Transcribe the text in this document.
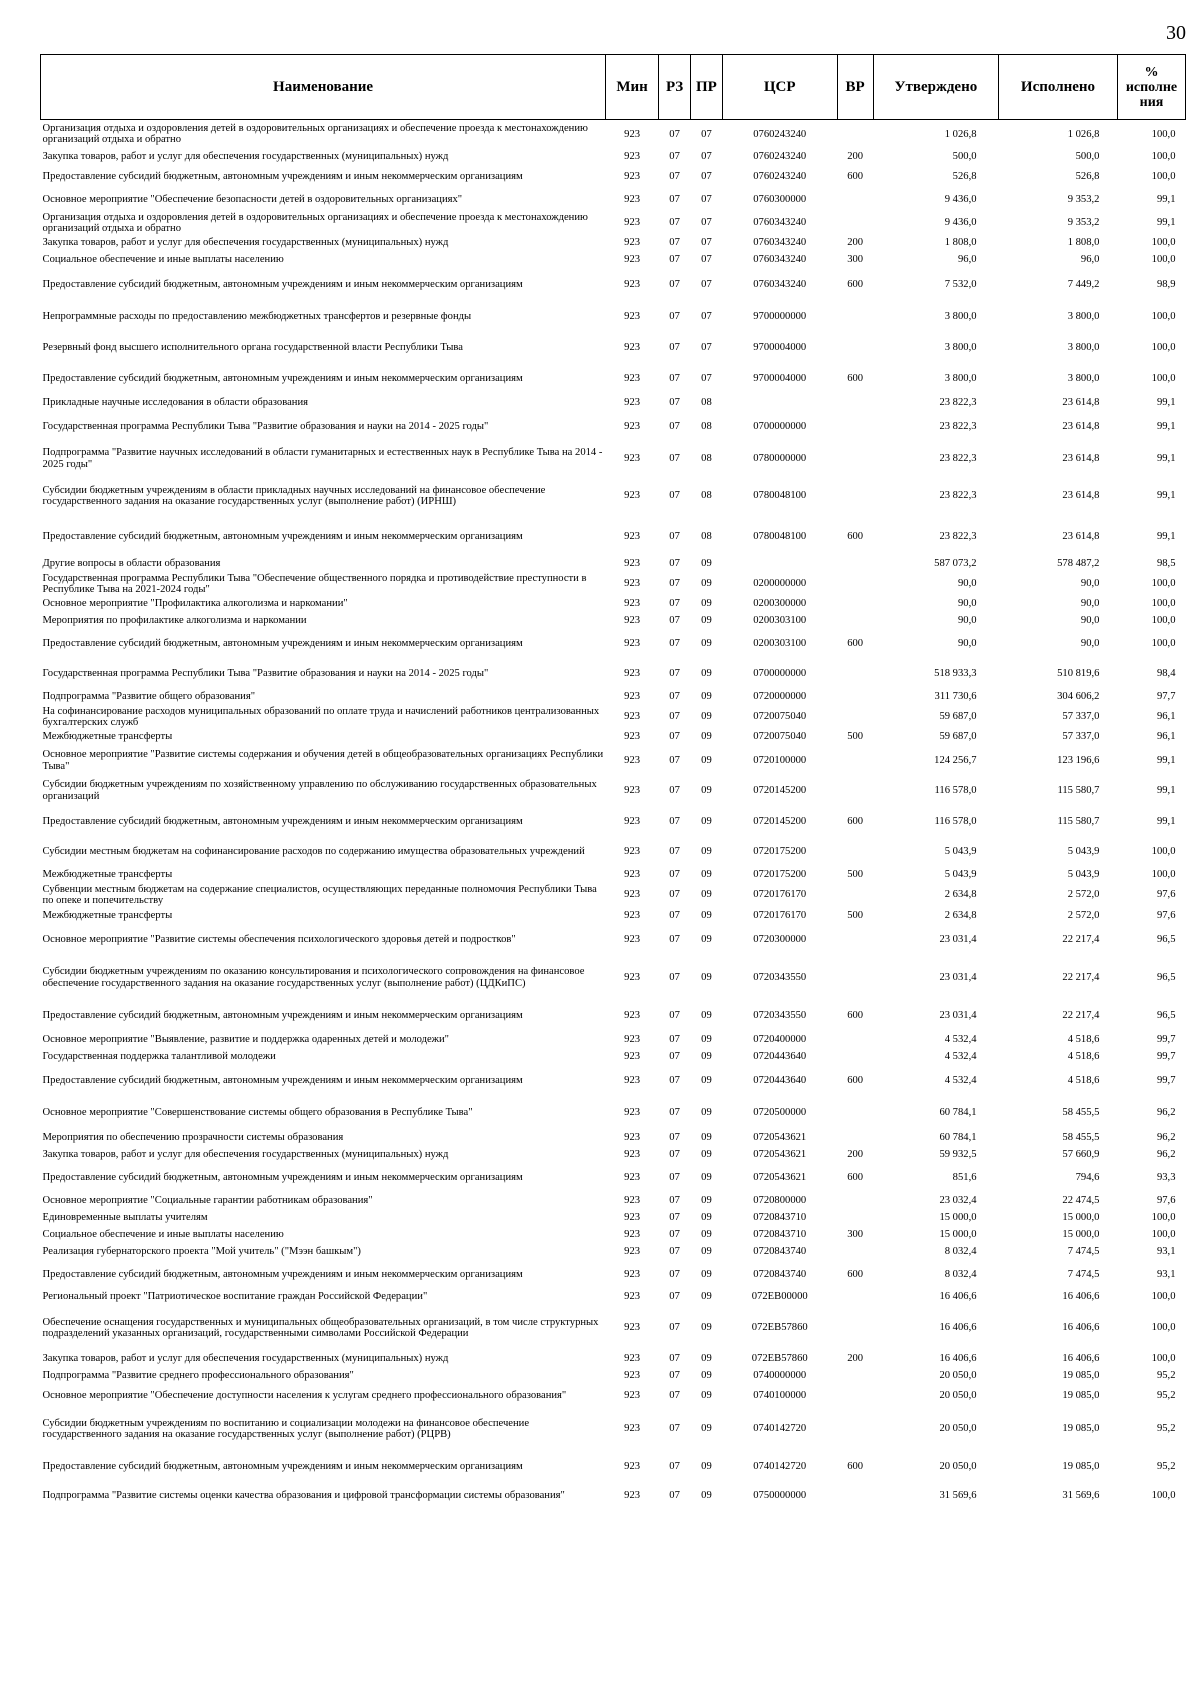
30
Наименование	Мин	РЗ	ПР	ЦСР	ВР	Утверждено	Исполнено	% исполне ния
Организация отдыха и оздоровления детей в оздоровительных организациях и обеспечение проезда к местонахождению организаций отдыха и обратно	923	07	07	0760243240		1 026,8	1 026,8	100,0
Закупка товаров, работ и услуг для обеспечения государственных (муниципальных) нужд	923	07	07	0760243240	200	500,0	500,0	100,0
Предоставление субсидий бюджетным, автономным учреждениям и иным некоммерческим организациям	923	07	07	0760243240	600	526,8	526,8	100,0
Основное мероприятие "Обеспечение безопасности детей в оздоровительных организациях"	923	07	07	0760300000		9 436,0	9 353,2	99,1
Организация отдыха и оздоровления детей в оздоровительных организациях и обеспечение проезда к местонахождению организаций отдыха и обратно	923	07	07	0760343240		9 436,0	9 353,2	99,1
Закупка товаров, работ и услуг для обеспечения государственных (муниципальных) нужд	923	07	07	0760343240	200	1 808,0	1 808,0	100,0
Социальное обеспечение и иные выплаты населению	923	07	07	0760343240	300	96,0	96,0	100,0
Предоставление субсидий бюджетным, автономным учреждениям и иным некоммерческим организациям	923	07	07	0760343240	600	7 532,0	7 449,2	98,9
Непрограммные расходы по предоставлению межбюджетных трансфертов и резервные фонды	923	07	07	9700000000		3 800,0	3 800,0	100,0
Резервный фонд высшего исполнительного органа государственной власти Республики Тыва	923	07	07	9700004000		3 800,0	3 800,0	100,0
Предоставление субсидий бюджетным, автономным учреждениям и иным некоммерческим организациям	923	07	07	9700004000	600	3 800,0	3 800,0	100,0
Прикладные научные исследования в области образования	923	07	08			23 822,3	23 614,8	99,1
Государственная программа Республики Тыва "Развитие образования и науки на 2014 - 2025 годы"	923	07	08	0700000000		23 822,3	23 614,8	99,1
Подпрограмма "Развитие научных исследований в области гуманитарных и естественных наук в Республике Тыва на 2014 - 2025 годы"	923	07	08	0780000000		23 822,3	23 614,8	99,1
Субсидии бюджетным учреждениям в области прикладных научных исследований на финансовое обеспечение государственного задания на оказание государственных услуг (выполнение работ) (ИРНШ)	923	07	08	0780048100		23 822,3	23 614,8	99,1
Предоставление субсидий бюджетным, автономным учреждениям и иным некоммерческим организациям	923	07	08	0780048100	600	23 822,3	23 614,8	99,1
Другие вопросы в области образования	923	07	09			587 073,2	578 487,2	98,5
Государственная программа Республики Тыва "Обеспечение общественного порядка и противодействие преступности в Республике Тыва на 2021-2024 годы"	923	07	09	0200000000		90,0	90,0	100,0
Основное мероприятие "Профилактика алкоголизма и наркомании"	923	07	09	0200300000		90,0	90,0	100,0
Мероприятия по профилактике алкоголизма и наркомании	923	07	09	0200303100		90,0	90,0	100,0
Предоставление субсидий бюджетным, автономным учреждениям и иным некоммерческим организациям	923	07	09	0200303100	600	90,0	90,0	100,0
Государственная программа Республики Тыва "Развитие образования и науки на 2014 - 2025 годы"	923	07	09	0700000000		518 933,3	510 819,6	98,4
Подпрограмма "Развитие общего образования"	923	07	09	0720000000		311 730,6	304 606,2	97,7
На софинансирование расходов муниципальных образований по оплате труда и начислений работников централизованных бухгалтерских служб	923	07	09	0720075040		59 687,0	57 337,0	96,1
Межбюджетные трансферты	923	07	09	0720075040	500	59 687,0	57 337,0	96,1
Основное мероприятие "Развитие системы содержания и обучения детей в общеобразовательных организациях Республики Тыва"	923	07	09	0720100000		124 256,7	123 196,6	99,1
Субсидии бюджетным учреждениям по хозяйственному управлению по обслуживанию государственных образовательных организаций	923	07	09	0720145200		116 578,0	115 580,7	99,1
Предоставление субсидий бюджетным, автономным учреждениям и иным некоммерческим организациям	923	07	09	0720145200	600	116 578,0	115 580,7	99,1
Субсидии местным бюджетам на софинансирование расходов по содержанию имущества образовательных учреждений	923	07	09	0720175200		5 043,9	5 043,9	100,0
Межбюджетные трансферты	923	07	09	0720175200	500	5 043,9	5 043,9	100,0
Субвенции местным бюджетам на содержание специалистов, осуществляющих переданные полномочия Республики Тыва по опеке и попечительству	923	07	09	0720176170		2 634,8	2 572,0	97,6
Межбюджетные трансферты	923	07	09	0720176170	500	2 634,8	2 572,0	97,6
Основное мероприятие "Развитие системы обеспечения психологического здоровья детей и подростков"	923	07	09	0720300000		23 031,4	22 217,4	96,5
Субсидии бюджетным учреждениям по оказанию консультирования и психологического сопровождения на финансовое обеспечение государственного задания на оказание государственных услуг (выполнение работ) (ЦДКиПС)	923	07	09	0720343550		23 031,4	22 217,4	96,5
Предоставление субсидий бюджетным, автономным учреждениям и иным некоммерческим организациям	923	07	09	0720343550	600	23 031,4	22 217,4	96,5
Основное мероприятие "Выявление, развитие и поддержка одаренных детей и молодежи"	923	07	09	0720400000		4 532,4	4 518,6	99,7
Государственная поддержка талантливой молодежи	923	07	09	0720443640		4 532,4	4 518,6	99,7
Предоставление субсидий бюджетным, автономным учреждениям и иным некоммерческим организациям	923	07	09	0720443640	600	4 532,4	4 518,6	99,7
Основное мероприятие "Совершенствование системы общего образования в Республике Тыва"	923	07	09	0720500000		60 784,1	58 455,5	96,2
Мероприятия по обеспечению прозрачности системы образования	923	07	09	0720543621		60 784,1	58 455,5	96,2
Закупка товаров, работ и услуг для обеспечения государственных (муниципальных) нужд	923	07	09	0720543621	200	59 932,5	57 660,9	96,2
Предоставление субсидий бюджетным, автономным учреждениям и иным некоммерческим организациям	923	07	09	0720543621	600	851,6	794,6	93,3
Основное мероприятие "Социальные гарантии работникам образования"	923	07	09	0720800000		23 032,4	22 474,5	97,6
Единовременные выплаты учителям	923	07	09	0720843710		15 000,0	15 000,0	100,0
Социальное обеспечение и иные выплаты населению	923	07	09	0720843710	300	15 000,0	15 000,0	100,0
Реализация губернаторского проекта "Мой учитель" ("Мээн башкым")	923	07	09	0720843740		8 032,4	7 474,5	93,1
Предоставление субсидий бюджетным, автономным учреждениям и иным некоммерческим организациям	923	07	09	0720843740	600	8 032,4	7 474,5	93,1
Региональный проект "Патриотическое воспитание граждан Российской Федерации"	923	07	09	072EB00000		16 406,6	16 406,6	100,0
Обеспечение оснащения государственных и муниципальных общеобразовательных организаций, в том числе структурных подразделений указанных организаций, государственными символами Российской Федерации	923	07	09	072EB57860		16 406,6	16 406,6	100,0
Закупка товаров, работ и услуг для обеспечения государственных (муниципальных) нужд	923	07	09	072EB57860	200	16 406,6	16 406,6	100,0
Подпрограмма "Развитие среднего профессионального образования"	923	07	09	0740000000		20 050,0	19 085,0	95,2
Основное мероприятие "Обеспечение доступности населения к услугам среднего профессионального образования"	923	07	09	0740100000		20 050,0	19 085,0	95,2
Субсидии бюджетным учреждениям по воспитанию и социализации молодежи на финансовое обеспечение государственного задания на оказание государственных услуг (выполнение работ) (РЦРВ)	923	07	09	0740142720		20 050,0	19 085,0	95,2
Предоставление субсидий бюджетным, автономным учреждениям и иным некоммерческим организациям	923	07	09	0740142720	600	20 050,0	19 085,0	95,2
Подпрограмма "Развитие системы оценки качества образования и цифровой трансформации системы образования"	923	07	09	0750000000		31 569,6	31 569,6	100,0
